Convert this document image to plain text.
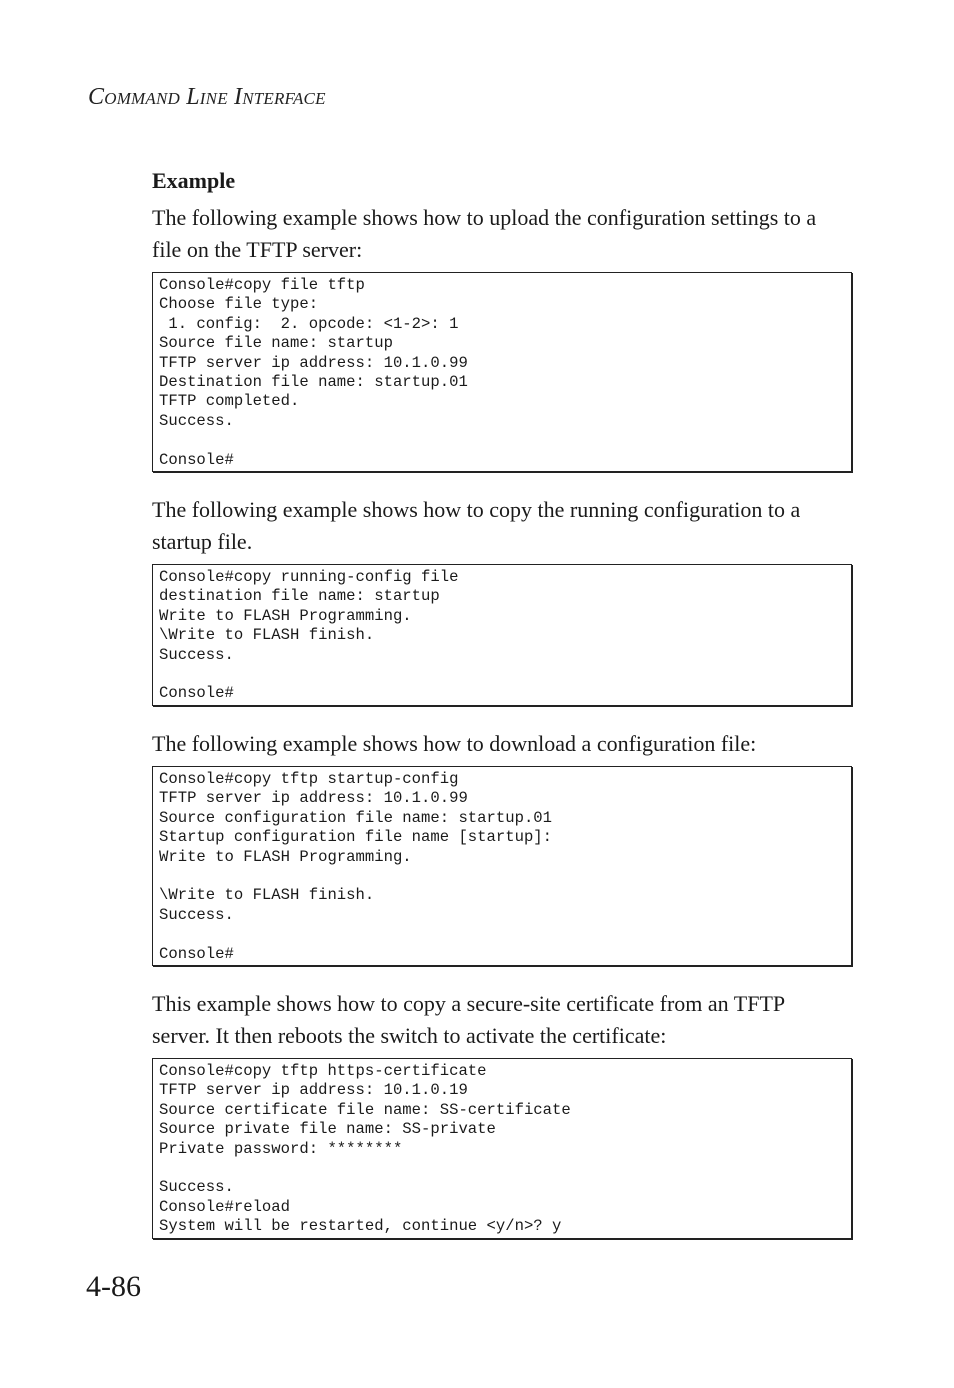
COMMAND LINE INTERFACE
Example
The following example shows how to upload the configuration settings to a file on the TFTP server:
Console#copy file tftp
Choose file type:
1. config:  2. opcode: <1-2>: 1
Source file name: startup
TFTP server ip address: 10.1.0.99
Destination file name: startup.01
TFTP completed.
Success.
Console#
The following example shows how to copy the running configuration to a startup file.
Console#copy running-config file
destination file name: startup
Write to FLASH Programming.
\Write to FLASH finish.
Success.
Console#
The following example shows how to download a configuration file:
Console#copy tftp startup-config
TFTP server ip address: 10.1.0.99
Source configuration file name: startup.01
Startup configuration file name [startup]:
Write to FLASH Programming.
\Write to FLASH finish.
Success.
Console#
This example shows how to copy a secure-site certificate from an TFTP server. It then reboots the switch to activate the certificate:
Console#copy tftp https-certificate
TFTP server ip address: 10.1.0.19
Source certificate file name: SS-certificate
Source private file name: SS-private
Private password: ********
Success.
Console#reload
System will be restarted, continue <y/n>? y
4-86
